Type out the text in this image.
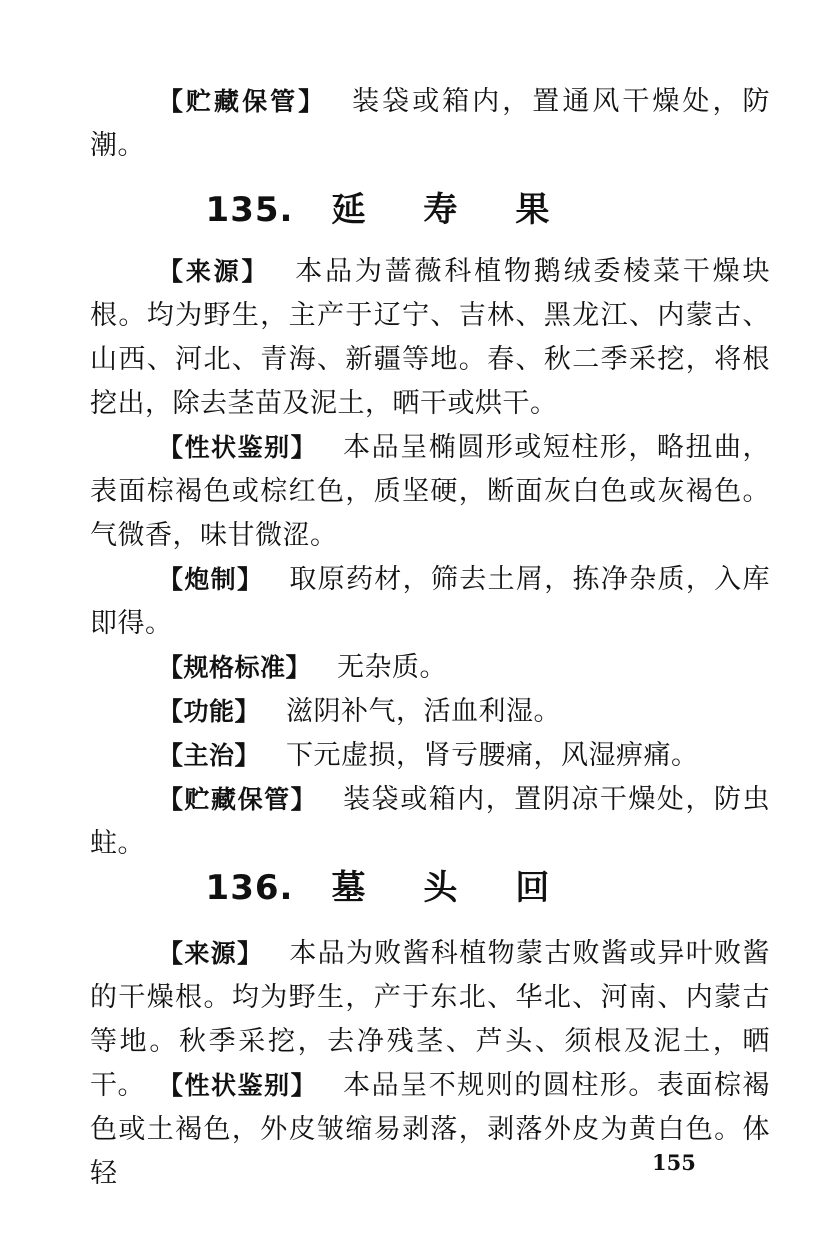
【贮藏保管】 装袋或箱内，置通风干燥处，防潮。

135. 延寿果

【来源】 本品为蔷薇科植物鹅绒委棱菜干燥块根。均为野生，主产于辽宁、吉林、黑龙江、内蒙古、山西、河北、青海、新疆等地。春、秋二季采挖，将根挖出，除去茎苗及泥土，晒干或烘干。

【性状鉴别】 本品呈椭圆形或短柱形，略扭曲，表面棕褐色或棕红色，质坚硬，断面灰白色或灰褐色。气微香，味甘微涩。

【炮制】 取原药材，筛去土屑，拣净杂质，入库即得。

【规格标准】 无杂质。

【功能】 滋阴补气，活血利湿。

【主治】 下元虚损，肾亏腰痛，风湿痹痛。

【贮藏保管】 装袋或箱内，置阴凉干燥处，防虫蛀。

136. 墓头回

【来源】 本品为败酱科植物蒙古败酱或异叶败酱的干燥根。均为野生，产于东北、华北、河南、内蒙古等地。秋季采挖，去净残茎、芦头、须根及泥土，晒干。 【性状鉴别】 本品呈不规则的圆柱形。表面棕褐色或土褐色，外皮皱缩易剥落，剥落外皮为黄白色。体轻	155
